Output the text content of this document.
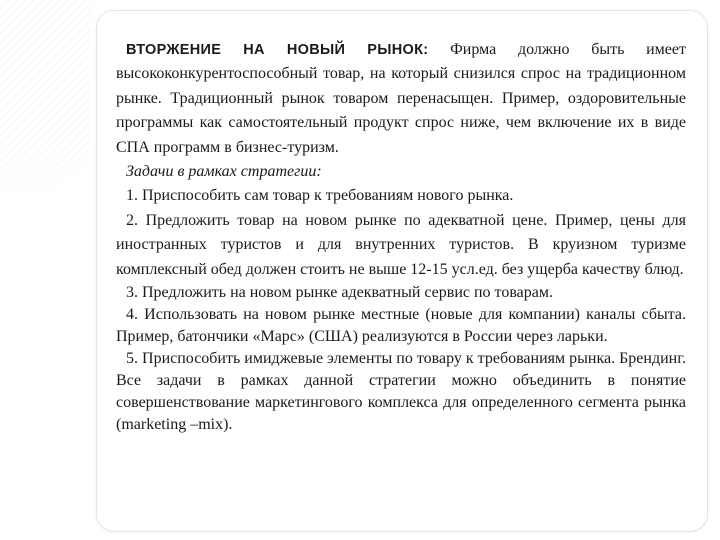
ВТОРЖЕНИЕ НА НОВЫЙ РЫНОК: Фирма должно быть имеет высококонкурентоспособный товар, на который снизился спрос на традиционном рынке. Традиционный рынок товаром перенасыщен. Пример, оздоровительные программы как самостоятельный продукт спрос ниже, чем включение их в виде СПА программ в бизнес-туризм.

Задачи в рамках стратегии:

1. Приспособить сам товар к требованиям нового рынка.

2. Предложить товар на новом рынке по адекватной цене. Пример, цены для иностранных туристов и для внутренних туристов. В круизном туризме комплексный обед должен стоить не выше 12-15 усл.ед. без ущерба качеству блюд.

3. Предложить на новом рынке адекватный сервис по товарам.

4. Использовать на новом рынке местные (новые для компании) каналы сбыта. Пример, батончики «Марс» (США) реализуются в России через ларьки.

5. Приспособить имиджевые элементы по товару к требованиям рынка. Брендинг. Все задачи в рамках данной стратегии можно объединить в понятие совершенствование маркетингового комплекса для определенного сегмента рынка (marketing –mix).
